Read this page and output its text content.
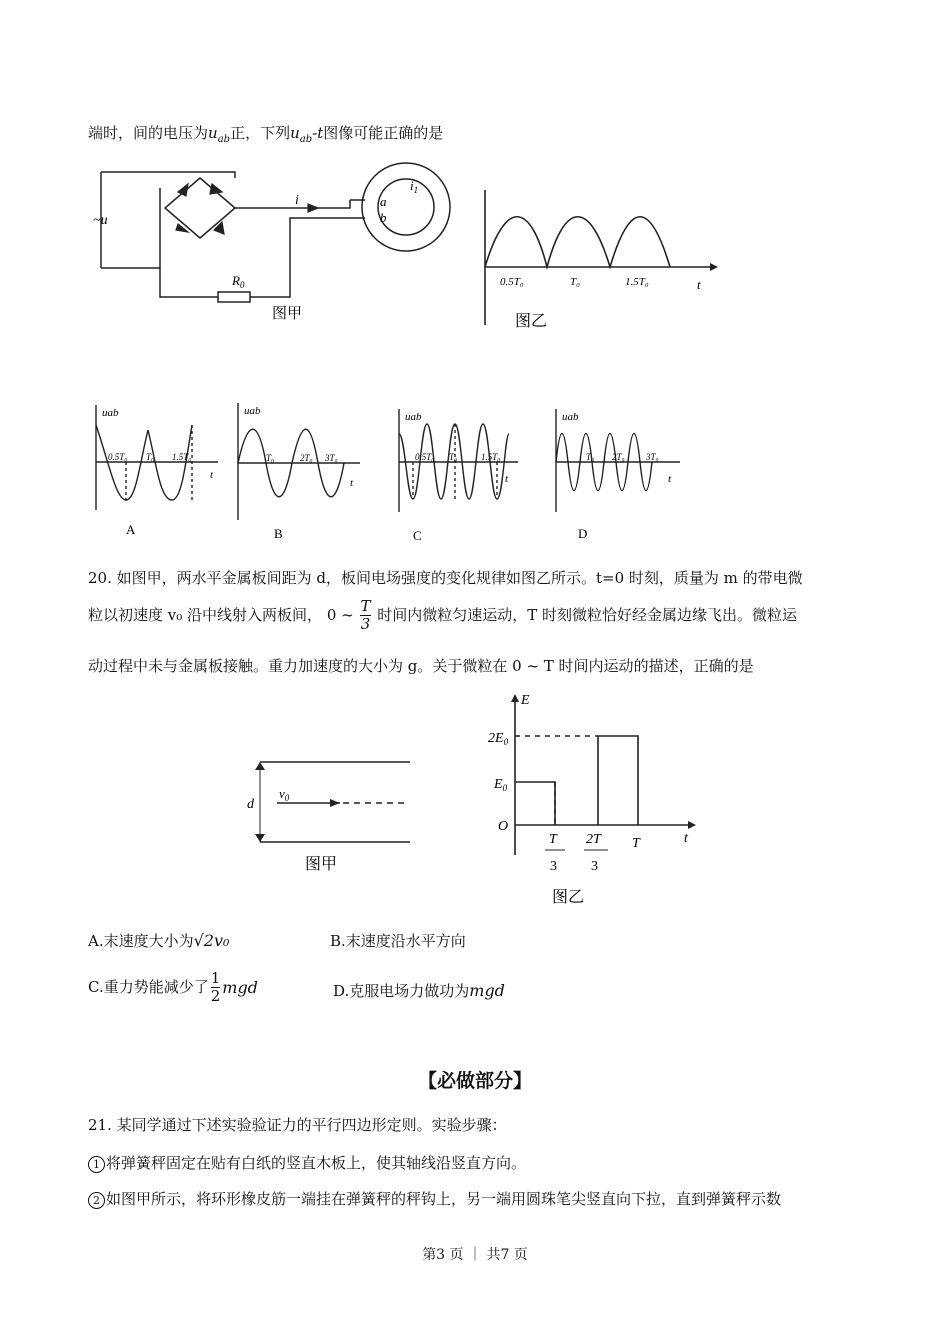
端时，间的电压为$u_{ab}$正，下列$u_{ab}-t$图像可能正确的是
~u
i
$i_1$
a
b
$R_0$
图甲
0.5T₀	T₀	1.5T₀	t
图乙
uab
0.5T₀ T₀ 1.5T₀
t
A
uab
T₀	2T₀ 3T₀
t
B
uab
0.5T₀ T₀	1.5T₀
t
C
uab
T₀ 2T₀ 3T₀
t
D
20. 如图甲，两水平金属板间距为 d，板间电场强度的变化规律如图乙所示。t=0 时刻，质量为 m 的带电微
粒以初速度 v₀ 沿中线射入两板间， 0 ~ $\frac{T}{3}$ 时间内微粒匀速运动，T 时刻微粒恰好经金属边缘飞出。微粒运
动过程中未与金属板接触。重力加速度的大小为 g。关于微粒在 0 ~ T 时间内运动的描述，正确的是
d
$v_0$
图甲
E
$2E_0$
$E_0$
O
t
T
3
2T
3
T
图乙
A.末速度大小为√2v₀	B.末速度沿水平方向
C.重力势能减少了 $\frac{1}{2}$ mgd	D.克服电场力做功为mgd
【必做部分】
21. 某同学通过下述实验验证力的平行四边形定则。实验步骤：
1 将弹簧秤固定在贴有白纸的竖直木板上，使其轴线沿竖直方向。
2 如图甲所示，将环形橡皮筋一端挂在弹簧秤的秤钩上，另一端用圆珠笔尖竖直向下拉，直到弹簧秤示数
第3 页 ｜ 共7 页
